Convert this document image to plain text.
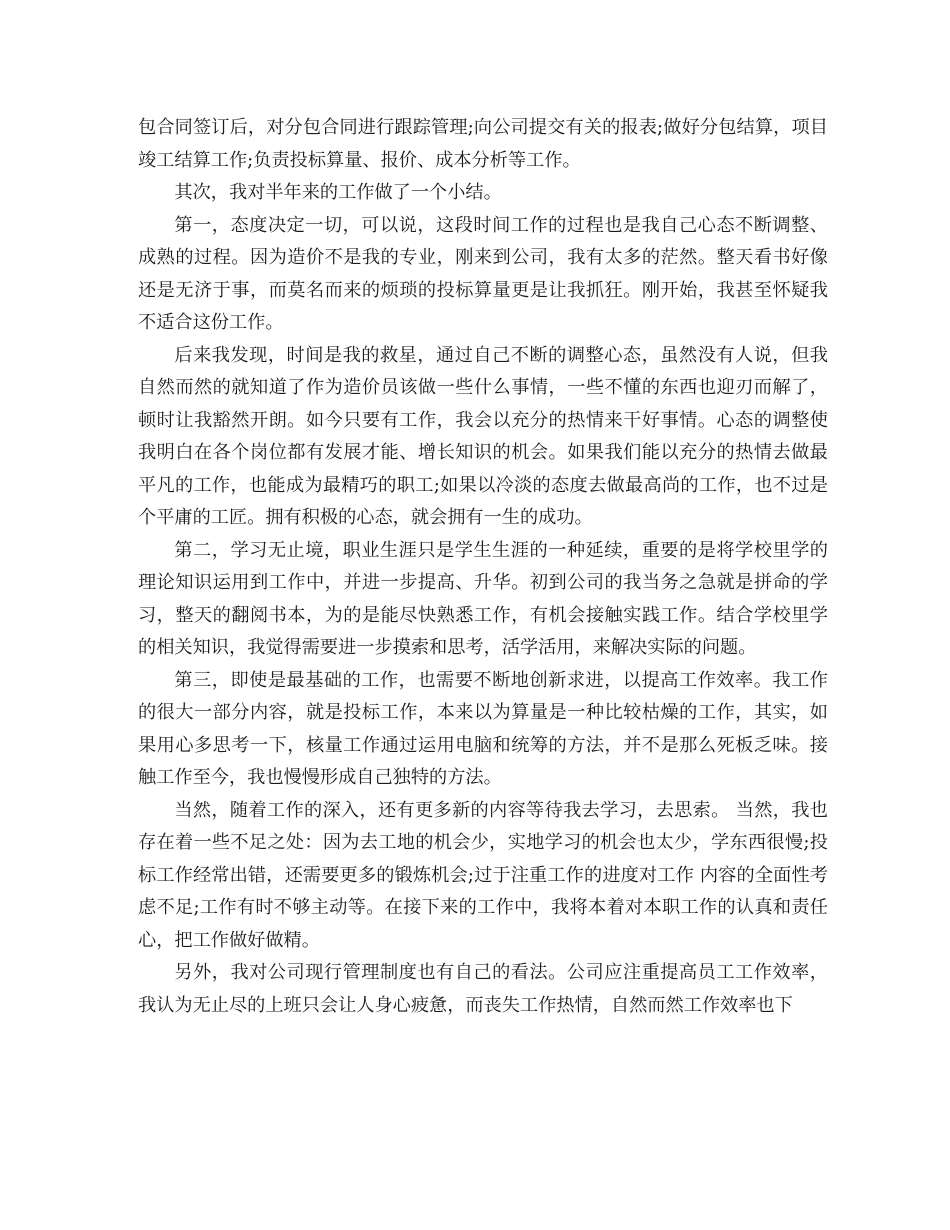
包合同签订后，对分包合同进行跟踪管理;向公司提交有关的报表;做好分包结算，项目竣工结算工作;负责投标算量、报价、成本分析等工作。

其次，我对半年来的工作做了一个小结。

第一，态度决定一切，可以说，这段时间工作的过程也是我自己心态不断调整、成熟的过程。因为造价不是我的专业，刚来到公司，我有太多的茫然。整天看书好像还是无济于事，而莫名而来的烦琐的投标算量更是让我抓狂。刚开始，我甚至怀疑我不适合这份工作。

后来我发现，时间是我的救星，通过自己不断的调整心态，虽然没有人说，但我自然而然的就知道了作为造价员该做一些什么事情，一些不懂的东西也迎刃而解了，顿时让我豁然开朗。如今只要有工作，我会以充分的热情来干好事情。心态的调整使我明白在各个岗位都有发展才能、增长知识的机会。如果我们能以充分的热情去做最平凡的工作，也能成为最精巧的职工;如果以冷淡的态度去做最高尚的工作，也不过是个平庸的工匠。拥有积极的心态，就会拥有一生的成功。

第二，学习无止境，职业生涯只是学生生涯的一种延续，重要的是将学校里学的理论知识运用到工作中，并进一步提高、升华。初到公司的我当务之急就是拼命的学习，整天的翻阅书本，为的是能尽快熟悉工作，有机会接触实践工作。结合学校里学的相关知识，我觉得需要进一步摸索和思考，活学活用，来解决实际的问题。

第三，即使是最基础的工作，也需要不断地创新求进，以提高工作效率。我工作的很大一部分内容，就是投标工作，本来以为算量是一种比较枯燥的工作，其实，如果用心多思考一下，核量工作通过运用电脑和统筹的方法，并不是那么死板乏味。接触工作至今，我也慢慢形成自己独特的方法。

当然，随着工作的深入，还有更多新的内容等待我去学习，去思索。 当然，我也存在着一些不足之处：因为去工地的机会少，实地学习的机会也太少，学东西很慢;投标工作经常出错，还需要更多的锻炼机会;过于注重工作的进度对工作 内容的全面性考虑不足;工作有时不够主动等。在接下来的工作中，我将本着对本职工作的认真和责任心，把工作做好做精。

另外，我对公司现行管理制度也有自己的看法。公司应注重提高员工工作效率，我认为无止尽的上班只会让人身心疲惫，而丧失工作热情，自然而然工作效率也下
